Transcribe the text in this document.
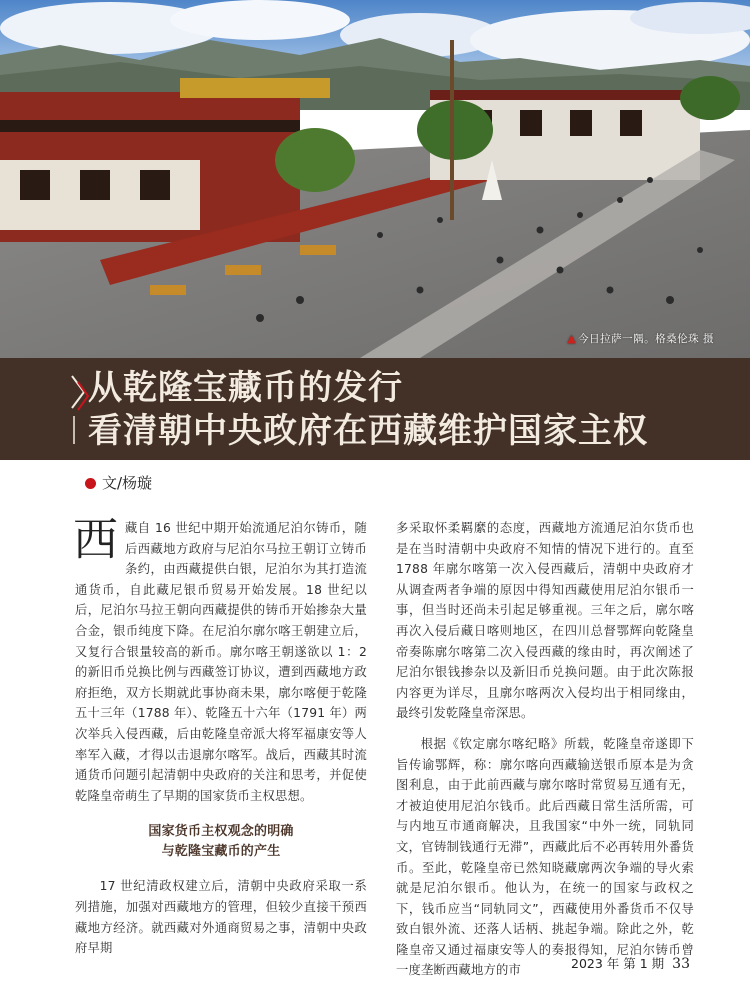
▲ 今日拉萨一隅。格桑伦珠 摄
从乾隆宝藏币的发行
看清朝中央政府在西藏维护国家主权
文/杨璇

西藏自 16 世纪中期开始流通尼泊尔铸币，随后西藏地方政府与尼泊尔马拉王朝订立铸币条约，由西藏提供白银，尼泊尔为其打造流通货币，自此藏尼银币贸易开始发展。18 世纪以后，尼泊尔马拉王朝向西藏提供的铸币开始掺杂大量合金，银币纯度下降。在尼泊尔廓尔喀王朝建立后，又复行合银量较高的新币。廓尔喀王朝遂欲以 1：2 的新旧币兑换比例与西藏签订协议，遭到西藏地方政府拒绝，双方长期就此事协商未果，廓尔喀便于乾隆五十三年（1788 年）、乾隆五十六年（1791 年）两次举兵入侵西藏，后由乾隆皇帝派大将军福康安等人率军入藏，才得以击退廓尔喀军。战后，西藏其时流通货币问题引起清朝中央政府的关注和思考，并促使乾隆皇帝萌生了早期的国家货币主权思想。

国家货币主权观念的明确
与乾隆宝藏币的产生

17 世纪清政权建立后，清朝中央政府采取一系列措施，加强对西藏地方的管理，但较少直接干预西藏地方经济。就西藏对外通商贸易之事，清朝中央政府早期

多采取怀柔羁縻的态度，西藏地方流通尼泊尔货币也是在当时清朝中央政府不知情的情况下进行的。直至 1788 年廓尔喀第一次入侵西藏后，清朝中央政府才从调查两者争端的原因中得知西藏使用尼泊尔银币一事，但当时还尚未引起足够重视。三年之后，廓尔喀再次入侵后藏日喀则地区，在四川总督鄂辉向乾隆皇帝奏陈廓尔喀第二次入侵西藏的缘由时，再次阐述了尼泊尔银钱掺杂以及新旧币兑换问题。由于此次陈报内容更为详尽，且廓尔喀两次入侵均出于相同缘由，最终引发乾隆皇帝深思。

根据《钦定廓尔喀纪略》所载，乾隆皇帝遂即下旨传谕鄂辉，称：廓尔喀向西藏输送银币原本是为贪图利息，由于此前西藏与廓尔喀时常贸易互通有无，才被迫使用尼泊尔钱币。此后西藏日常生活所需，可与内地互市通商解决，且我国家“中外一统，同轨同文，官铸制钱通行无滞”，西藏此后不必再转用外番货币。至此，乾隆皇帝已然知晓藏廓两次争端的导火索就是尼泊尔银币。他认为，在统一的国家与政权之下，钱币应当“同轨同文”，西藏使用外番货币不仅导致白银外流、还落人话柄、挑起争端。除此之外，乾隆皇帝又通过福康安等人的奏报得知，尼泊尔铸币曾一度垄断西藏地方的市	2023 年 第 1 期 33
